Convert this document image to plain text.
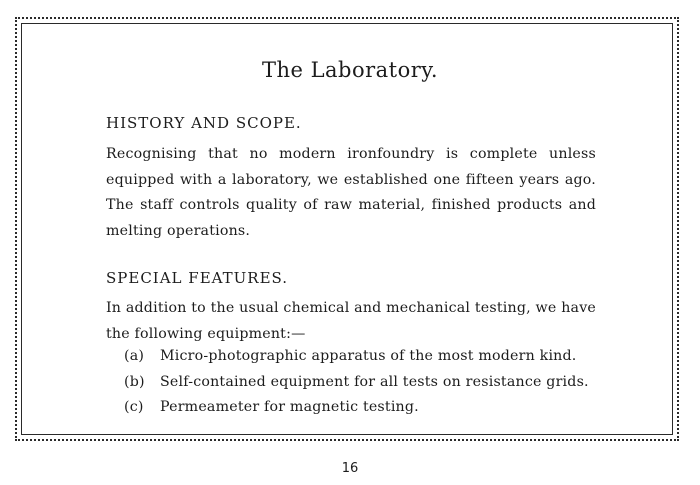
The Laboratory.
HISTORY AND SCOPE.
Recognising that no modern ironfoundry is complete unless equipped with a laboratory, we established one fifteen years ago. The staff controls quality of raw material, finished products and melting operations.
SPECIAL FEATURES.
In addition to the usual chemical and mechanical testing, we have the following equipment:—
(a)	Micro-photographic apparatus of the most modern kind.
(b)	Self-contained equipment for all tests on resistance grids.
(c)	Permeameter for magnetic testing.
16
